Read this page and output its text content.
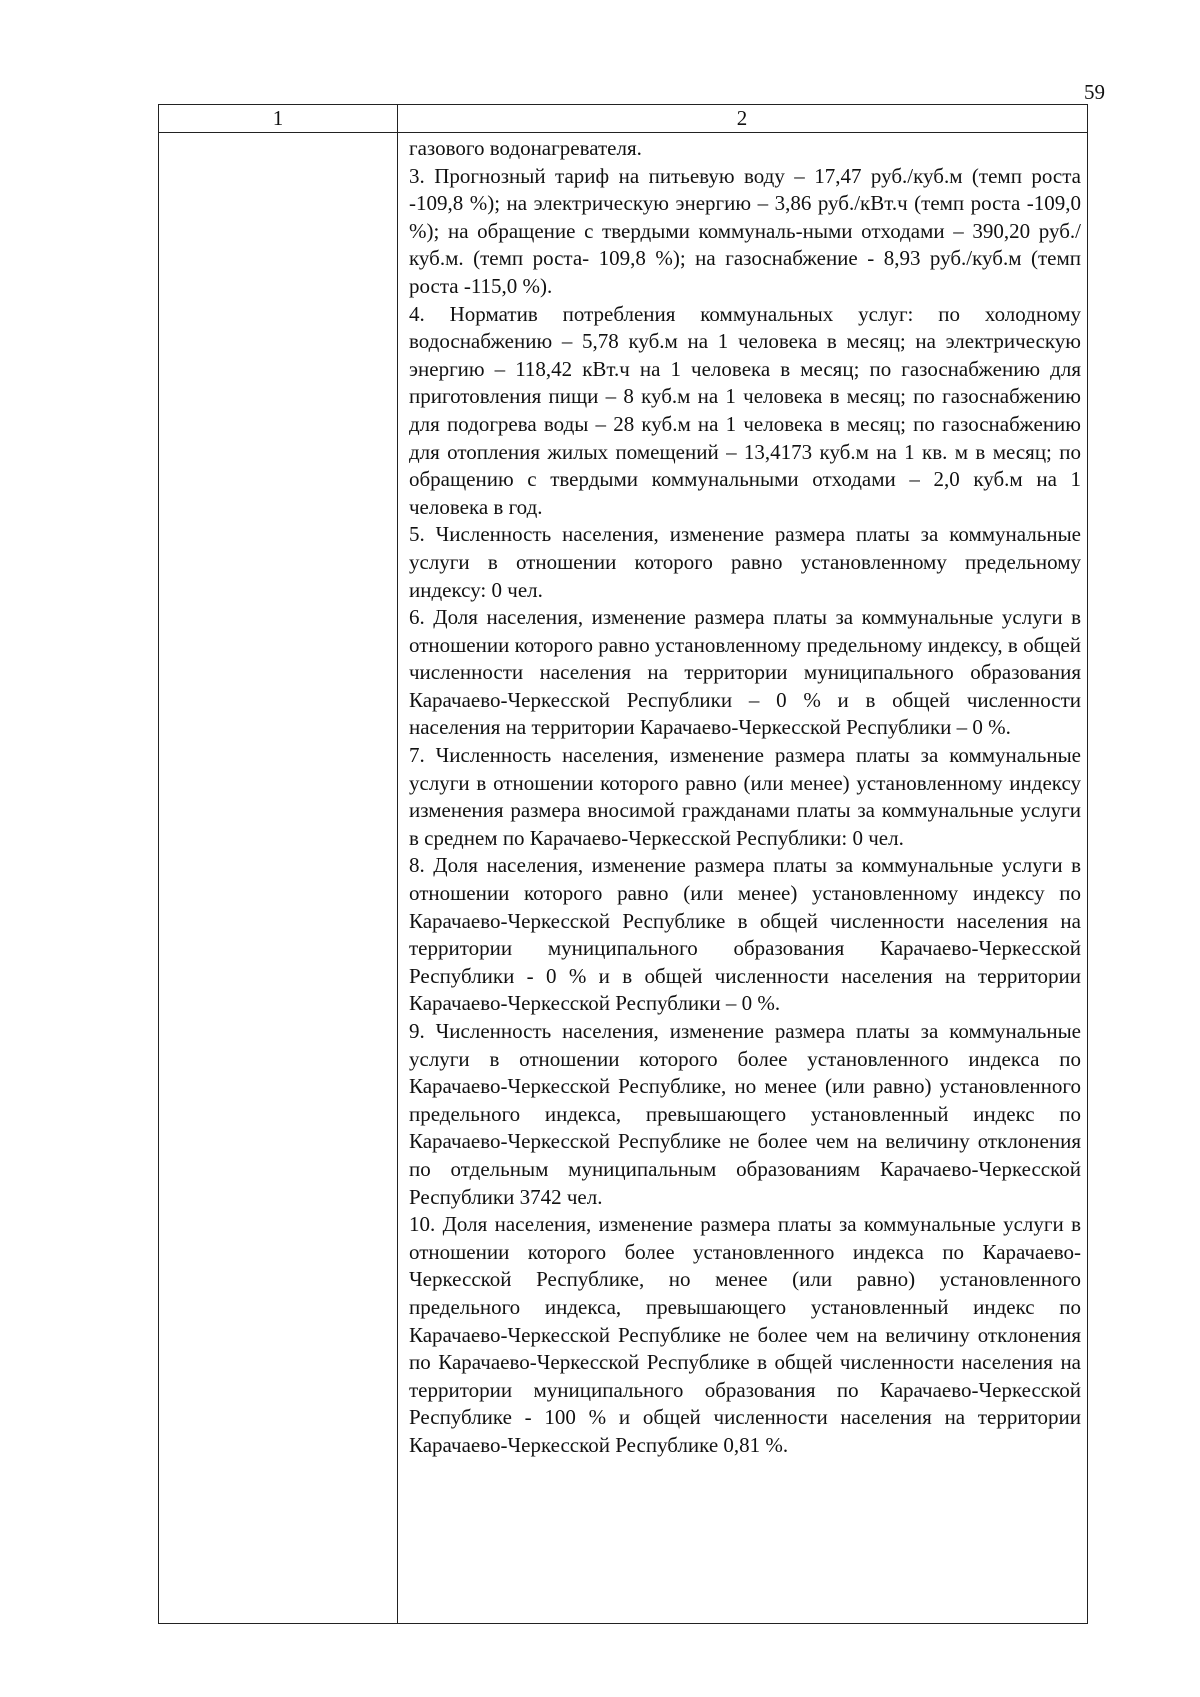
59
1	2

газового водонагревателя.

3. Прогнозный тариф на питьевую воду – 17,47 руб./куб.м (темп роста -109,8 %); на электрическую энергию – 3,86 руб./кВт.ч (темп роста -109,0 %); на обращение с твердыми коммуналь-ными отходами – 390,20 руб./куб.м. (темп роста- 109,8 %); на газоснабжение - 8,93 руб./куб.м (темп роста -115,0 %).

4. Норматив потребления коммунальных услуг: по холодному водоснабжению – 5,78 куб.м на 1 человека в месяц; на электрическую энергию – 118,42 кВт.ч на 1 человека в месяц; по газоснабжению для приготовления пищи – 8 куб.м на 1 человека в месяц; по газоснабжению для подогрева воды – 28 куб.м на 1 человека в месяц; по газоснабжению для отопления жилых помещений – 13,4173 куб.м на 1 кв. м в месяц; по обращению с твердыми коммунальными отходами – 2,0 куб.м на 1 человека в год.

5. Численность населения, изменение размера платы за коммунальные услуги в отношении которого равно установленному предельному индексу: 0 чел.

6. Доля населения, изменение размера платы за коммунальные услуги в отношении которого равно установленному предельному индексу, в общей численности населения на территории муниципального образования Карачаево-Черкесской Республики – 0 % и в общей численности населения на территории Карачаево-Черкесской Республики – 0 %.

7. Численность населения, изменение размера платы за коммунальные услуги в отношении которого равно (или менее) установленному индексу изменения размера вносимой гражданами платы за коммунальные услуги в среднем по Карачаево-Черкесской Республики: 0 чел.

8. Доля населения, изменение размера платы за коммунальные услуги в отношении которого равно (или менее) установленному индексу по Карачаево-Черкесской Республике в общей численности населения на территории муниципального образования Карачаево-Черкесской Республики - 0 % и в общей численности населения на территории Карачаево-Черкесской Республики – 0 %.

9. Численность населения, изменение размера платы за коммунальные услуги в отношении которого более установленного индекса по Карачаево-Черкесской Республике, но менее (или равно) установленного предельного индекса, превышающего установленный индекс по Карачаево-Черкесской Республике не более чем на величину отклонения по отдельным муниципальным образованиям Карачаево-Черкесской Республики 3742 чел.

10. Доля населения, изменение размера платы за коммунальные услуги в отношении которого более установленного индекса по Карачаево-Черкесской Республике, но менее (или равно) установленного предельного индекса, превышающего установленный индекс по Карачаево-Черкесской Республике не более чем на величину отклонения по Карачаево-Черкесской Республике в общей численности населения на территории муниципального образования по Карачаево-Черкесской Республике - 100 % и общей численности населения на территории Карачаево-Черкесской Республике 0,81 %.
